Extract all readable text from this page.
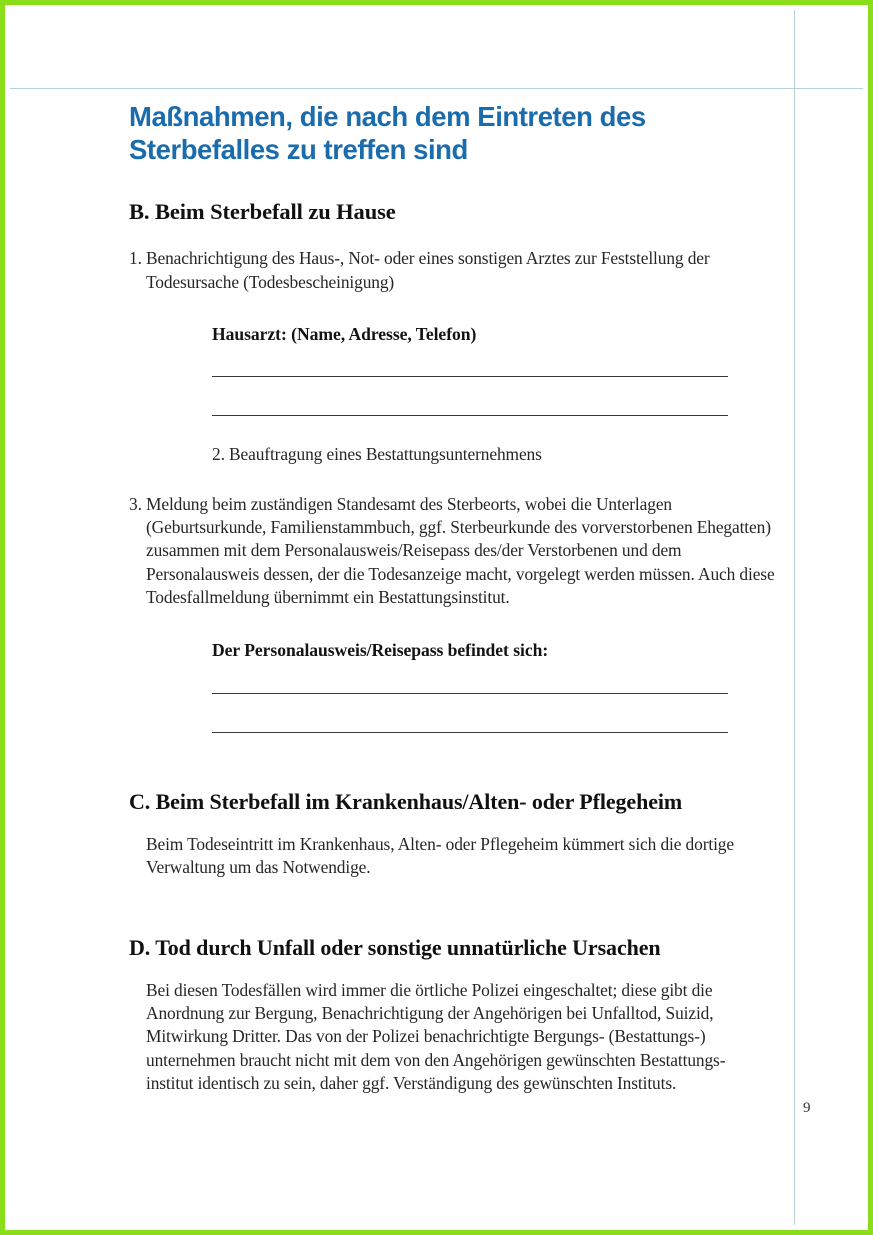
Maßnahmen, die nach dem Eintreten des Sterbefalles zu treffen sind
B. Beim Sterbefall zu Hause
1. Benachrichtigung des Haus-, Not- oder eines sonstigen Arztes zur Feststellung der Todesursache (Todesbescheinigung)
Hausarzt: (Name, Adresse, Telefon)
2. Beauftragung eines Bestattungsunternehmens
3. Meldung beim zuständigen Standesamt des Sterbeorts, wobei die Unterlagen (Geburtsurkunde, Familienstammbuch, ggf. Sterbeurkunde des vorverstorbenen Ehegatten) zusammen mit dem Personalausweis/Reisepass des/der Verstorbenen und dem Personalausweis dessen, der die Todesanzeige macht, vorgelegt werden müssen. Auch diese Todesfallmeldung übernimmt ein Bestattungsinstitut.
Der Personalausweis/Reisepass befindet sich:
C. Beim Sterbefall im Krankenhaus/Alten- oder Pflegeheim
Beim Todeseintritt im Krankenhaus, Alten- oder Pflegeheim kümmert sich die dortige Verwaltung um das Notwendige.
D. Tod durch Unfall oder sonstige unnatürliche Ursachen
Bei diesen Todesfällen wird immer die örtliche Polizei eingeschaltet; diese gibt die Anordnung zur Bergung, Benachrichtigung der Angehörigen bei Unfalltod, Suizid, Mitwirkung Dritter. Das von der Polizei benachrichtigte Bergungs- (Bestattungs-) unternehmen braucht nicht mit dem von den Angehörigen gewünschten Bestattungs-institut identisch zu sein, daher ggf. Verständigung des gewünschten Instituts.
9
